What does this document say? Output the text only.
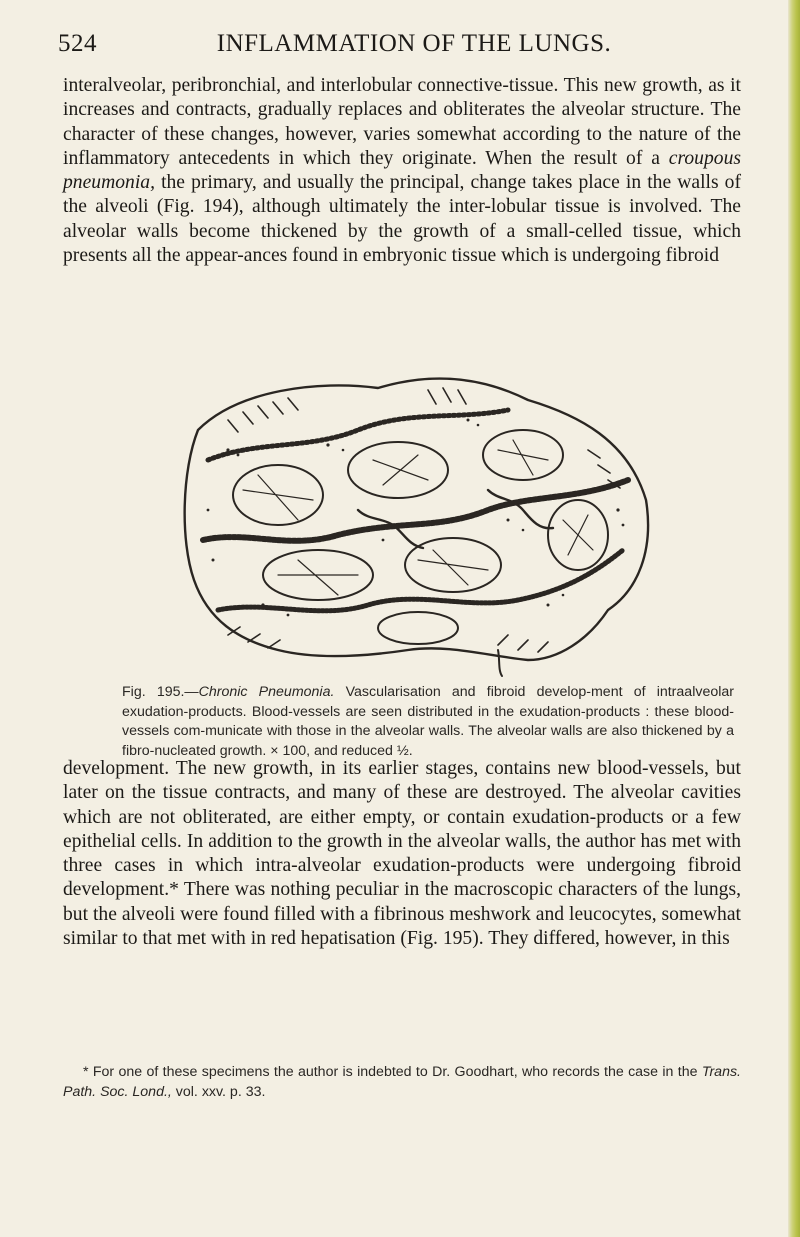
524	INFLAMMATION OF THE LUNGS.

interalveolar, peribronchial, and interlobular connective-tissue. This new growth, as it increases and contracts, gradually replaces and obliterates the alveolar structure. The character of these changes, however, varies somewhat according to the nature of the inflammatory antecedents in which they originate. When the result of a croupous pneumonia, the primary, and usually the principal, change takes place in the walls of the alveoli (Fig. 194), although ultimately the inter-lobular tissue is involved. The alveolar walls become thickened by the growth of a small-celled tissue, which presents all the appear-ances found in embryonic tissue which is undergoing fibroid

Fig. 195.—Chronic Pneumonia. Vascularisation and fibroid develop-ment of intraalveolar exudation-products. Blood-vessels are seen distributed in the exudation-products : these blood-vessels com-municate with those in the alveolar walls. The alveolar walls are also thickened by a fibro-nucleated growth. × 100, and reduced ½.

development. The new growth, in its earlier stages, contains new blood-vessels, but later on the tissue contracts, and many of these are destroyed. The alveolar cavities which are not obliterated, are either empty, or contain exudation-products or a few epithelial cells. In addition to the growth in the alveolar walls, the author has met with three cases in which intra-alveolar exudation-products were undergoing fibroid development.* There was nothing peculiar in the macroscopic characters of the lungs, but the alveoli were found filled with a fibrinous meshwork and leucocytes, somewhat similar to that met with in red hepatisation (Fig. 195). They differed, however, in this

* For one of these specimens the author is indebted to Dr. Goodhart, who records the case in the Trans. Path. Soc. Lond., vol. xxv. p. 33.
